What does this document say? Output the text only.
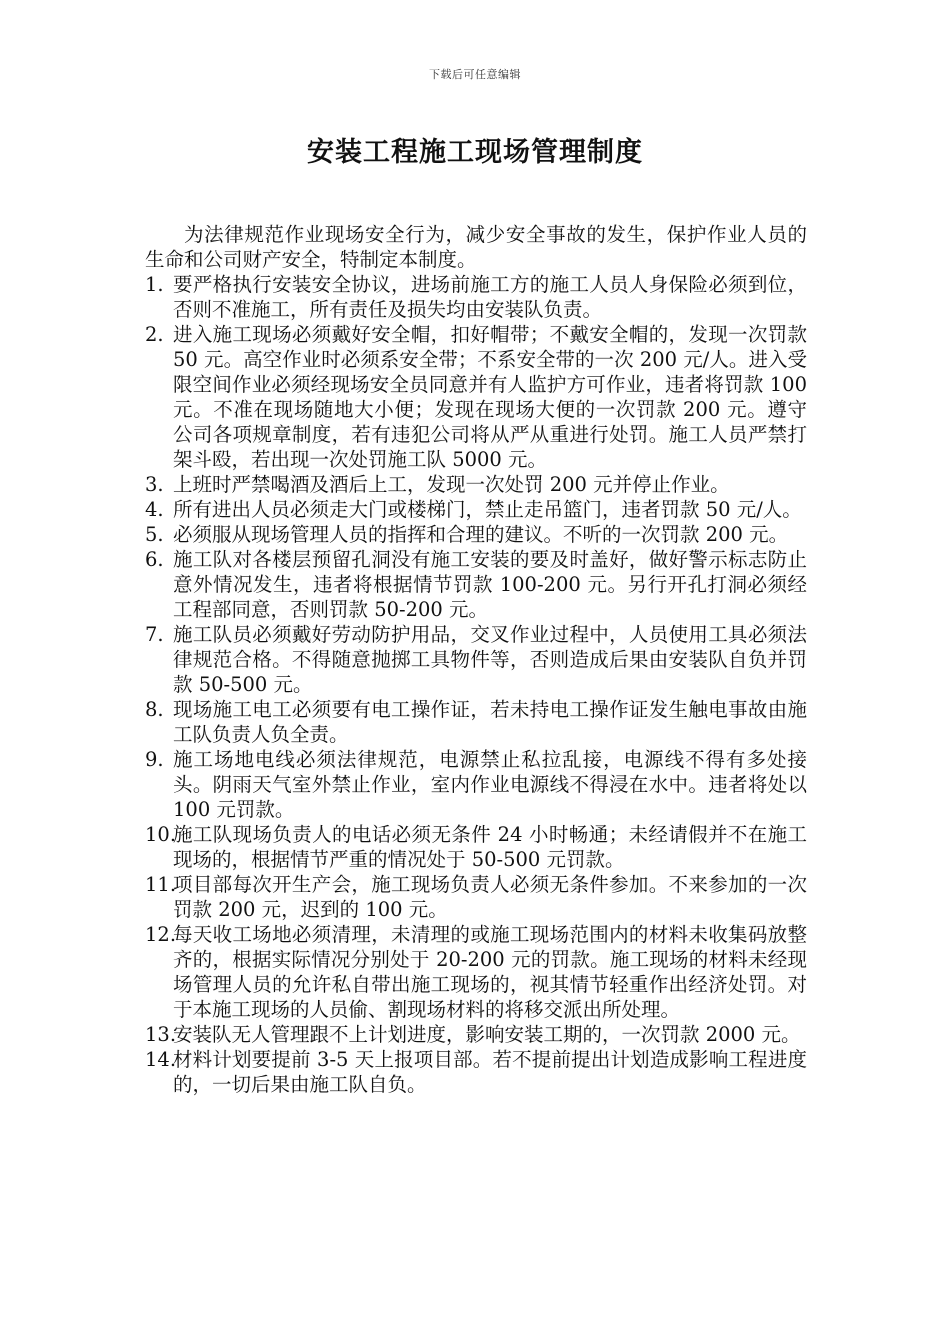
下载后可任意编辑
安装工程施工现场管理制度

为法律规范作业现场安全行为，减少安全事故的发生，保护作业人员的生命和公司财产安全，特制定本制度。

1. 要严格执行安装安全协议，进场前施工方的施工人员人身保险必须到位，否则不准施工，所有责任及损失均由安装队负责。
2. 进入施工现场必须戴好安全帽，扣好帽带；不戴安全帽的，发现一次罚款 50 元。高空作业时必须系安全带；不系安全带的一次 200 元/人。进入受限空间作业必须经现场安全员同意并有人监护方可作业，违者将罚款 100 元。不准在现场随地大小便；发现在现场大便的一次罚款 200 元。遵守公司各项规章制度，若有违犯公司将从严从重进行处罚。施工人员严禁打架斗殴，若出现一次处罚施工队 5000 元。
3. 上班时严禁喝酒及酒后上工，发现一次处罚 200 元并停止作业。
4. 所有进出人员必须走大门或楼梯门，禁止走吊篮门，违者罚款 50 元/人。
5. 必须服从现场管理人员的指挥和合理的建议。不听的一次罚款 200 元。
6. 施工队对各楼层预留孔洞没有施工安装的要及时盖好，做好警示标志防止意外情况发生，违者将根据情节罚款 100-200 元。另行开孔打洞必须经工程部同意，否则罚款 50-200 元。
7. 施工队员必须戴好劳动防护用品，交叉作业过程中，人员使用工具必须法律规范合格。不得随意抛掷工具物件等，否则造成后果由安装队自负并罚款 50-500 元。
8. 现场施工电工必须要有电工操作证，若未持电工操作证发生触电事故由施工队负责人负全责。
9. 施工场地电线必须法律规范，电源禁止私拉乱接，电源线不得有多处接头。阴雨天气室外禁止作业，室内作业电源线不得浸在水中。违者将处以 100 元罚款。
10.
施工队现场负责人的电话必须无条件 24 小时畅通；未经请假并不在施工现场的，根据情节严重的情况处于 50-500 元罚款。
11.
项目部每次开生产会，施工现场负责人必须无条件参加。不来参加的一次罚款 200 元，迟到的 100 元。
12.
每天收工场地必须清理，未清理的或施工现场范围内的材料未收集码放整齐的，根据实际情况分别处于 20-200 元的罚款。施工现场的材料未经现场管理人员的允许私自带出施工现场的，视其情节轻重作出经济处罚。对于本施工现场的人员偷、割现场材料的将移交派出所处理。
13.
安装队无人管理跟不上计划进度，影响安装工期的，一次罚款 2000 元。
14.
材料计划要提前 3-5 天上报项目部。若不提前提出计划造成影响工程进度的，一切后果由施工队自负。
